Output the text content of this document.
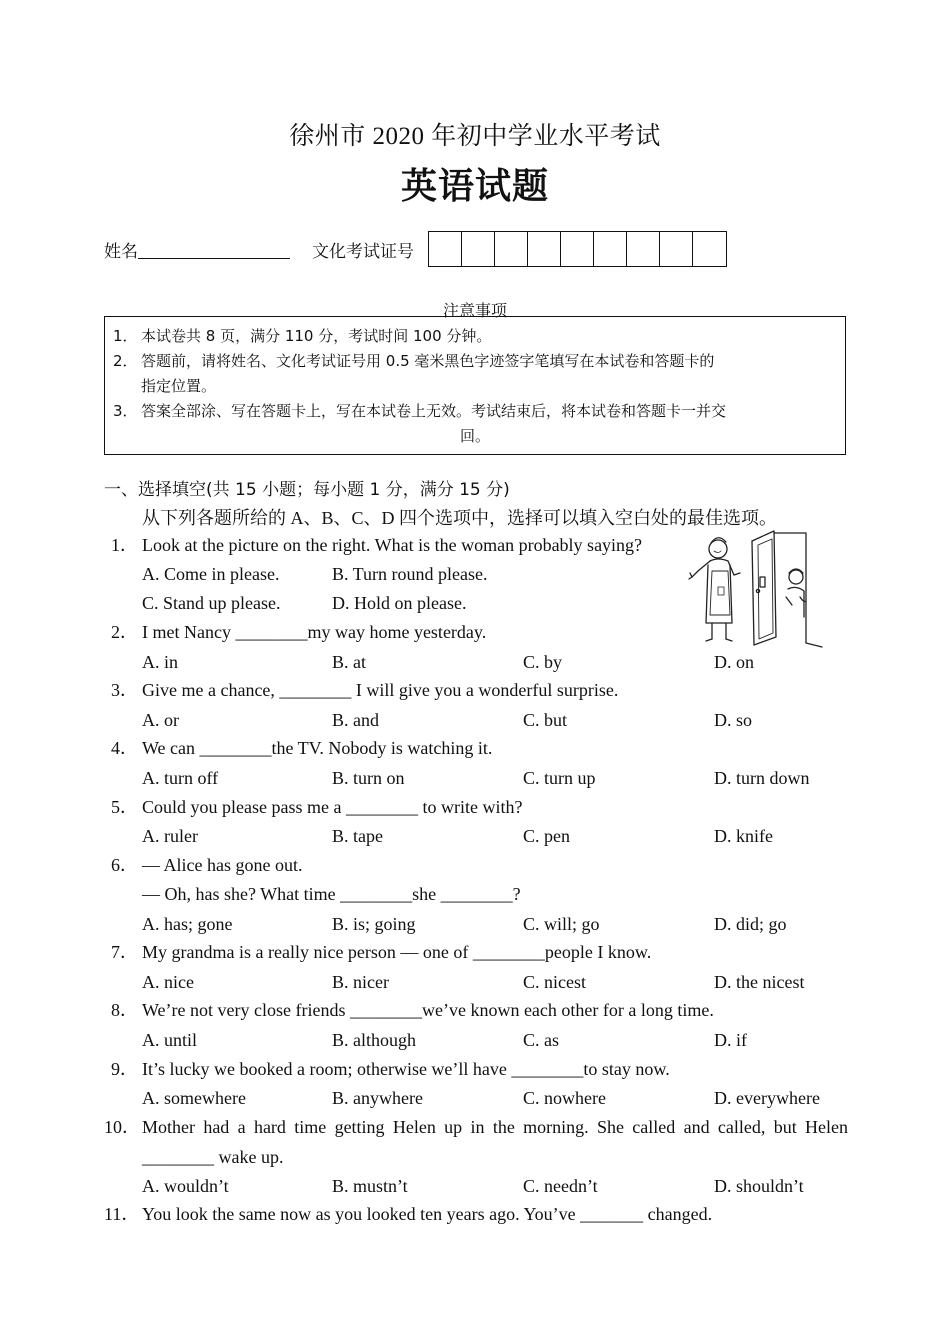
徐州市 2020 年初中学业水平考试
英语试题
姓名	文化考试证号
注意事项
1． 本试卷共 8 页，满分 110 分，考试时间 100 分钟。
2． 答题前，请将姓名、文化考试证号用 0.5 毫米黑色字迹签字笔填写在本试卷和答题卡的
指定位置。
3． 答案全部涂、写在答题卡上，写在本试卷上无效。考试结束后，将本试卷和答题卡一并交
回。
一、选择填空(共 15 小题；每小题 1 分，满分 15 分)
从下列各题所给的 A、B、C、D 四个选项中，选择可以填入空白处的最佳选项。
1． Look at the picture on the right. What is the woman probably saying?
A. Come in please.	B. Turn round please.
C. Stand up please.	D. Hold on please.
2． I met Nancy ________my way home yesterday.
A. in	B. at	C. by	D. on
3． Give me a chance, ________ I will give you a wonderful surprise.
A. or	B. and	C. but	D. so
4． We can ________the TV. Nobody is watching it.
A. turn off	B. turn on	C. turn up	D. turn down
5． Could you please pass me a ________ to write with?
A. ruler	B. tape	C. pen	D. knife
6． — Alice has gone out.
— Oh, has she? What time ________she ________?
A. has; gone	B. is; going	C. will; go	D. did; go
7． My grandma is a really nice person — one of ________people I know.
A. nice	B. nicer	C. nicest	D. the nicest
8． We’re not very close friends ________we’ve known each other for a long time.
A. until	B. although	C. as	D. if
9． It’s lucky we booked a room; otherwise we’ll have ________to stay now.
A. somewhere	B. anywhere	C. nowhere	D. everywhere
10． Mother had a hard time getting Helen up in the morning. She called and called, but Helen
________ wake up.
A. wouldn’t	B. mustn’t	C. needn’t	D. shouldn’t
11． You look the same now as you looked ten years ago. You’ve _______ changed.
